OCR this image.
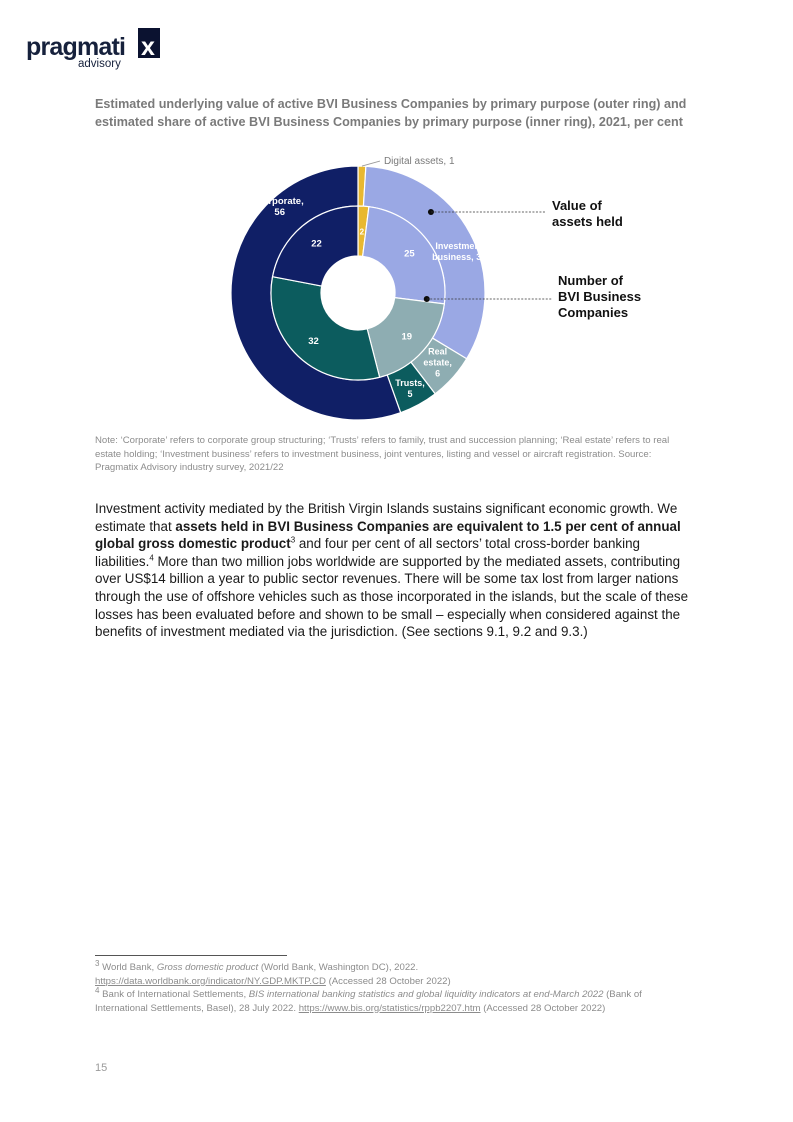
pragmati x
advisory

Estimated underlying value of active BVI Business Companies by primary purpose (outer ring) and estimated share of active BVI Business Companies by primary purpose (inner ring), 2021, per cent

2
25
19
32
22
Digital assets, 1
Investment
business, 33
Real
estate,
6
Trusts,
5
Corporate,
56	Value of
assets held
Number of
BVI Business
Companies

Note: ‘Corporate’ refers to corporate group structuring; ‘Trusts’ refers to family, trust and succession planning; ‘Real estate’ refers to real estate holding; ‘Investment business’ refers to investment business, joint ventures, listing and vessel or aircraft registration. Source: Pragmatix Advisory industry survey, 2021/22

Investment activity mediated by the British Virgin Islands sustains significant economic growth. We estimate that assets held in BVI Business Companies are equivalent to 1.5 per cent of annual global gross domestic product$^3$ and four per cent of all sectors’ total cross-border banking liabilities.$^4$ More than two million jobs worldwide are supported by the mediated assets, contributing over US$14 billion a year to public sector revenues. There will be some tax lost from larger nations through the use of offshore vehicles such as those incorporated in the islands, but the scale of these losses has been evaluated before and shown to be small – especially when considered against the benefits of investment mediated via the jurisdiction. (See sections 9.1, 9.2 and 9.3.)

$^3$ World Bank, Gross domestic product (World Bank, Washington DC), 2022.
https://data.worldbank.org/indicator/NY.GDP.MKTP.CD (Accessed 28 October 2022)
$^4$ Bank of International Settlements, BIS international banking statistics and global liquidity indicators at end-March 2022 (Bank of International Settlements, Basel), 28 July 2022. https://www.bis.org/statistics/rppb2207.htm (Accessed 28 October 2022)

15
